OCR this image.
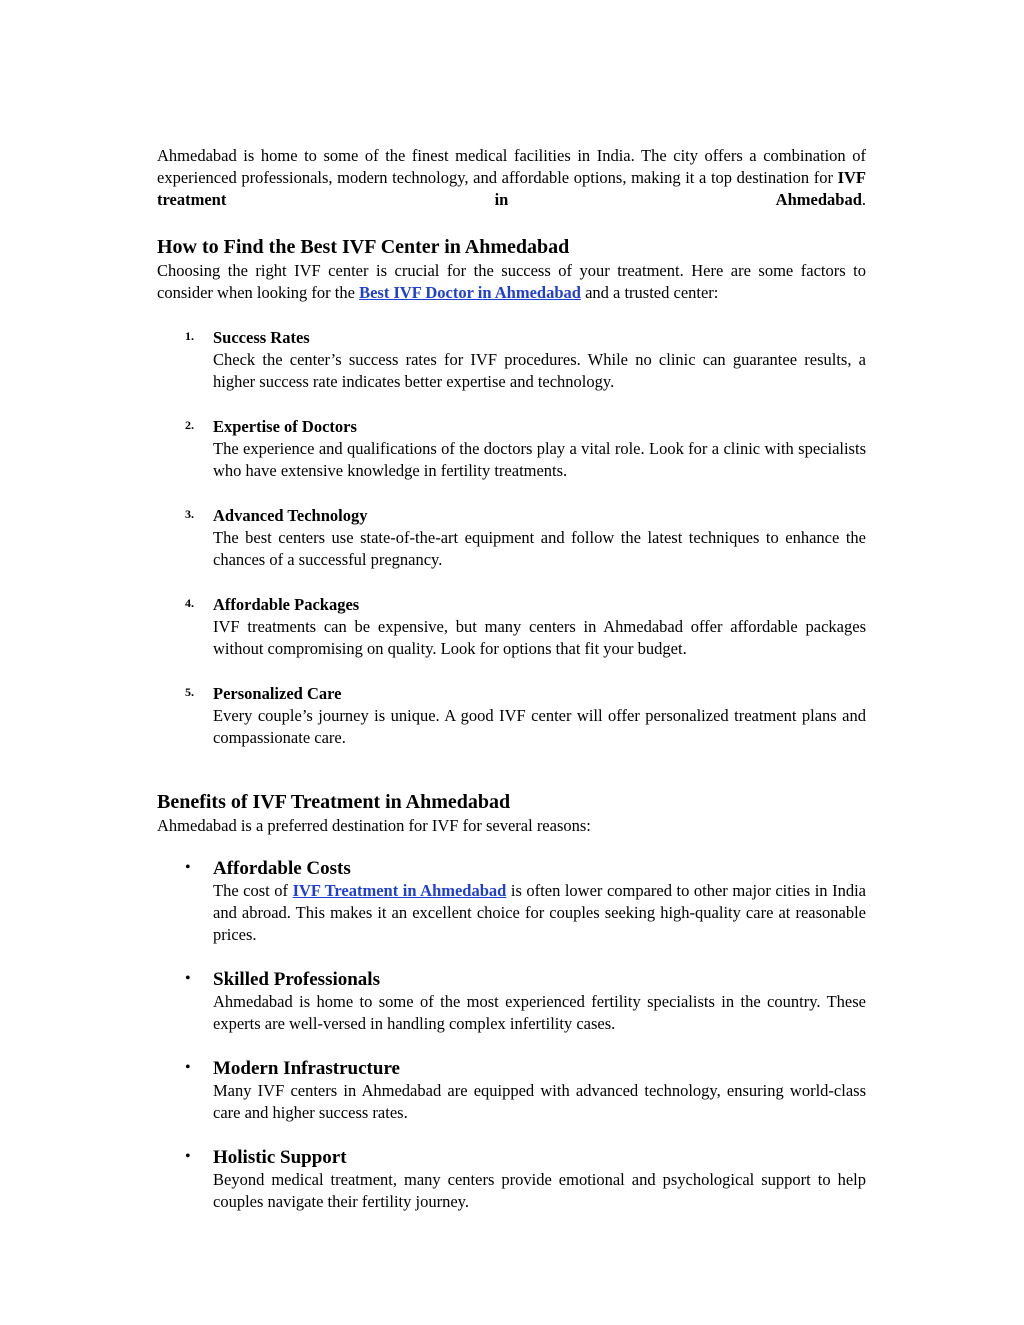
Ahmedabad is home to some of the finest medical facilities in India. The city offers a combination of experienced professionals, modern technology, and affordable options, making it a top destination for IVF treatment in Ahmedabad.

How to Find the Best IVF Center in Ahmedabad

Choosing the right IVF center is crucial for the success of your treatment. Here are some factors to consider when looking for the Best IVF Doctor in Ahmedabad and a trusted center:

1. Success Rates

Check the center’s success rates for IVF procedures. While no clinic can guarantee results, a higher success rate indicates better expertise and technology.

2. Expertise of Doctors

The experience and qualifications of the doctors play a vital role. Look for a clinic with specialists who have extensive knowledge in fertility treatments.

3. Advanced Technology

The best centers use state-of-the-art equipment and follow the latest techniques to enhance the chances of a successful pregnancy.

4. Affordable Packages

IVF treatments can be expensive, but many centers in Ahmedabad offer affordable packages without compromising on quality. Look for options that fit your budget.

5. Personalized Care

Every couple’s journey is unique. A good IVF center will offer personalized treatment plans and compassionate care.

Benefits of IVF Treatment in Ahmedabad

Ahmedabad is a preferred destination for IVF for several reasons:

• Affordable Costs

The cost of IVF Treatment in Ahmedabad is often lower compared to other major cities in India and abroad. This makes it an excellent choice for couples seeking high-quality care at reasonable prices.

• Skilled Professionals

Ahmedabad is home to some of the most experienced fertility specialists in the country. These experts are well-versed in handling complex infertility cases.

• Modern Infrastructure

Many IVF centers in Ahmedabad are equipped with advanced technology, ensuring world-class care and higher success rates.

• Holistic Support

Beyond medical treatment, many centers provide emotional and psychological support to help couples navigate their fertility journey.
